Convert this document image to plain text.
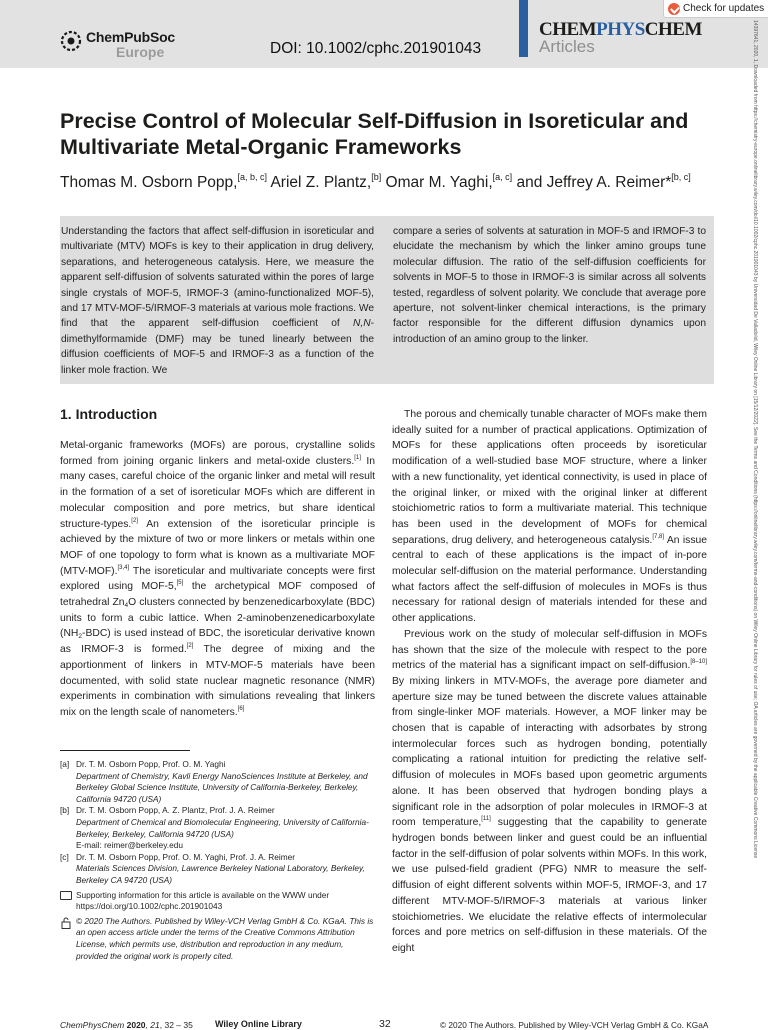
ChemPubSoc
Europe	DOI: 10.1002/cphc.201901043
CHEMPHYSCHEM
Articles
Check for updates
14397641, 2020, 1, Downloaded from https://chemistry-europe.onlinelibrary.wiley.com/doi/10.1002/cphc.201901043 by Universidad De Valladolid, Wiley Online Library on [15/12/2022]. See the Terms and Conditions (https://onlinelibrary.wiley.com/terms-and-conditions) on Wiley Online Library for rules of use; OA articles are governed by the applicable Creative Commons License
Precise Control of Molecular Self-Diffusion in Isoreticular and Multivariate Metal-Organic Frameworks
Thomas M. Osborn Popp,[a, b, c] Ariel Z. Plantz,[b] Omar M. Yaghi,[a, c] and Jeffrey A. Reimer*[b, c]
Understanding the factors that affect self-diffusion in isoreticular and multivariate (MTV) MOFs is key to their application in drug delivery, separations, and heterogeneous catalysis. Here, we measure the apparent self-diffusion of solvents saturated within the pores of large single crystals of MOF-5, IRMOF-3 (amino-functionalized MOF-5), and 17 MTV-MOF-5/IRMOF-3 materials at various mole fractions. We find that the apparent self-diffusion coefficient of N,N-dimethylformamide (DMF) may be tuned linearly between the diffusion coefficients of MOF-5 and IRMOF-3 as a function of the linker mole fraction. We
compare a series of solvents at saturation in MOF-5 and IRMOF-3 to elucidate the mechanism by which the linker amino groups tune molecular diffusion. The ratio of the self-diffusion coefficients for solvents in MOF-5 to those in IRMOF-3 is similar across all solvents tested, regardless of solvent polarity. We conclude that average pore aperture, not solvent-linker chemical interactions, is the primary factor responsible for the different diffusion dynamics upon introduction of an amino group to the linker.
1. Introduction

Metal-organic frameworks (MOFs) are porous, crystalline solids formed from joining organic linkers and metal-oxide clusters.[1] In many cases, careful choice of the organic linker and metal will result in the formation of a set of isoreticular MOFs which are different in molecular composition and pore metrics, but share identical structure-types.[2] An extension of the isoreticular principle is achieved by the mixture of two or more linkers or metals within one MOF of one topology to form what is known as a multivariate MOF (MTV-MOF).[3,4] The isoreticular and multivariate concepts were first explored using MOF-5,[5] the archetypical MOF composed of tetrahedral $Zn_4O$ clusters connected by benzenedicarboxylate (BDC) units to form a cubic lattice. When 2-aminobenzenedicarboxylate $(NH_2-BDC)$ is used instead of BDC, the isoreticular derivative known as IRMOF-3 is formed.[2] The degree of mixing and the apportionment of linkers in MTV-MOF-5 materials have been documented, with solid state nuclear magnetic resonance (NMR) experiments in combination with simulations revealing that linkers mix on the length scale of nanometers.[6]

[a] Dr. T. M. Osborn Popp, Prof. O. M. Yaghi
Department of Chemistry, Kavli Energy NanoSciences Institute at Berkeley, and Berkeley Global Science Institute, University of California-Berkeley, Berkeley, California 94720 (USA)
[b] Dr. T. M. Osborn Popp, A. Z. Plantz, Prof. J. A. Reimer
Department of Chemical and Biomolecular Engineering, University of California-Berkeley, Berkeley, California 94720 (USA)
E-mail: reimer@berkeley.edu
[c] Dr. T. M. Osborn Popp, Prof. O. M. Yaghi, Prof. J. A. Reimer
Materials Sciences Division, Lawrence Berkeley National Laboratory, Berkeley, Berkeley CA 94720 (USA)
Supporting information for this article is available on the WWW under https://doi.org/10.1002/cphc.201901043
© 2020 The Authors. Published by Wiley-VCH Verlag GmbH & Co. KGaA. This is an open access article under the terms of the Creative Commons Attribution License, which permits use, distribution and reproduction in any medium, provided the original work is properly cited.

The porous and chemically tunable character of MOFs make them ideally suited for a number of practical applications. Optimization of MOFs for these applications often proceeds by isoreticular modification of a well-studied base MOF structure, where a linker with a new functionality, yet identical connectivity, is used in place of the original linker, or mixed with the original linker at different stoichiometric ratios to form a multivariate material. This technique has been used in the development of MOFs for chemical separations, drug delivery, and heterogeneous catalysis.[7,8] An issue central to each of these applications is the impact of in-pore molecular self-diffusion on the material performance. Understanding what factors affect the self-diffusion of molecules in MOFs is thus necessary for rational design of materials intended for these and other applications.

Previous work on the study of molecular self-diffusion in MOFs has shown that the size of the molecule with respect to the pore metrics of the material has a significant impact on self-diffusion.[8–10] By mixing linkers in MTV-MOFs, the average pore diameter and aperture size may be tuned between the discrete values attainable from single-linker MOF materials. However, a MOF linker may be chosen that is capable of interacting with adsorbates by strong intermolecular forces such as hydrogen bonding, potentially complicating a rational intuition for predicting the relative self-diffusion of molecules in MOFs based upon geometric arguments alone. It has been observed that hydrogen bonding plays a significant role in the adsorption of polar molecules in IRMOF-3 at room temperature,[11] suggesting that the capability to generate hydrogen bonds between linker and guest could be an influential factor in the self-diffusion of polar solvents within MOFs. In this work, we use pulsed-field gradient (PFG) NMR to measure the self-diffusion of eight different solvents within MOF-5, IRMOF-3, and 17 different MTV-MOF-5/IRMOF-3 materials at various linker stoichiometries. We elucidate the relative effects of intermolecular forces and pore metrics on self-diffusion in these materials. Of the eight

ChemPhysChem 2020, 21, 32 – 35 Wiley Online Library	32	© 2020 The Authors. Published by Wiley-VCH Verlag GmbH & Co. KGaA
